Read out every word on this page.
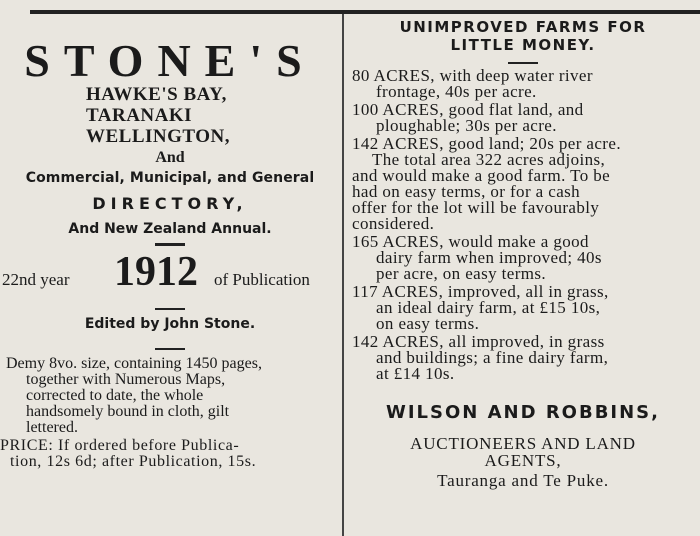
STONE'S
HAWKE'S BAY,
TARANAKI
WELLINGTON,
And
Commercial, Municipal, and General
DIRECTORY,
And New Zealand Annual.
22nd year 1912 of Publication
Edited by John Stone.
Demy 8vo. size, containing 1450 pages,
together with Numerous Maps,
corrected to date, the whole
handsomely bound in cloth, gilt
lettered.
PRICE: If ordered before Publica-
tion, 12s 6d; after Publication, 15s.
UNIMPROVED FARMS FOR
LITTLE MONEY.
80 ACRES, with deep water river
frontage, 40s per acre.
100 ACRES, good flat land, and
ploughable; 30s per acre.
142 ACRES, good land; 20s per acre.
The total area 322 acres adjoins,
and would make a good farm. To be
had on easy terms, or for a cash
offer for the lot will be favourably
considered.
165 ACRES, would make a good
dairy farm when improved; 40s
per acre, on easy terms.
117 ACRES, improved, all in grass,
an ideal dairy farm, at £15 10s,
on easy terms.
142 ACRES, all improved, in grass
and buildings; a fine dairy farm,
at £14 10s.
WILSON AND ROBBINS,
AUCTIONEERS AND LAND
AGENTS,
Tauranga and Te Puke.
